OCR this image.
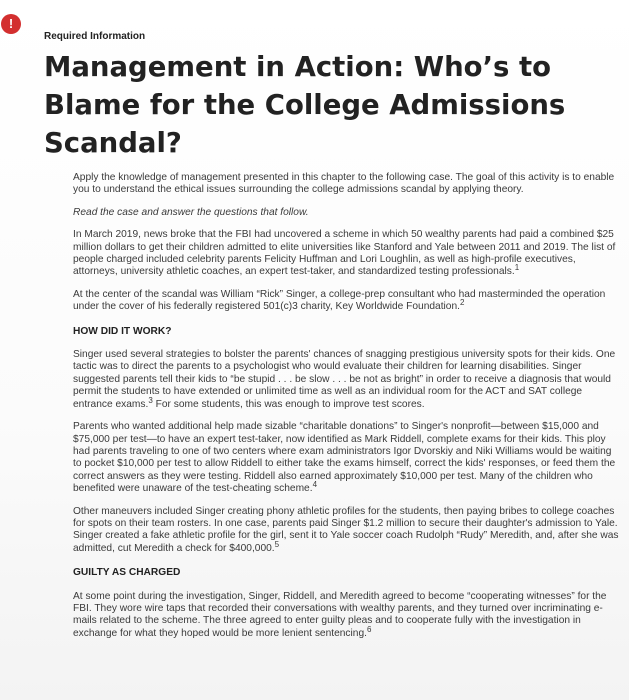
!
Required Information
Management in Action: Who’s to Blame for the College Admissions Scandal?

Apply the knowledge of management presented in this chapter to the following case. The goal of this activity is to enable you to understand the ethical issues surrounding the college admissions scandal by applying theory.

Read the case and answer the questions that follow.

In March 2019, news broke that the FBI had uncovered a scheme in which 50 wealthy parents had paid a combined $25 million dollars to get their children admitted to elite universities like Stanford and Yale between 2011 and 2019. The list of people charged included celebrity parents Felicity Huffman and Lori Loughlin, as well as high-profile executives, attorneys, university athletic coaches, an expert test-taker, and standardized testing professionals.$^1$

At the center of the scandal was William “Rick” Singer, a college-prep consultant who had masterminded the operation under the cover of his federally registered 501(c)3 charity, Key Worldwide Foundation.$^2$

HOW DID IT WORK?

Singer used several strategies to bolster the parents' chances of snagging prestigious university spots for their kids. One tactic was to direct the parents to a psychologist who would evaluate their children for learning disabilities. Singer suggested parents tell their kids to “be stupid . . . be slow . . . be not as bright” in order to receive a diagnosis that would permit the students to have extended or unlimited time as well as an individual room for the ACT and SAT college entrance exams.$^3$ For some students, this was enough to improve test scores.

Parents who wanted additional help made sizable “charitable donations” to Singer's nonprofit—between $15,000 and $75,000 per test—to have an expert test-taker, now identified as Mark Riddell, complete exams for their kids. This ploy had parents traveling to one of two centers where exam administrators Igor Dvorskiy and Niki Williams would be waiting to pocket $10,000 per test to allow Riddell to either take the exams himself, correct the kids' responses, or feed them the correct answers as they were testing. Riddell also earned approximately $10,000 per test. Many of the children who benefited were unaware of the test-cheating scheme.$^4$

Other maneuvers included Singer creating phony athletic profiles for the students, then paying bribes to college coaches for spots on their team rosters. In one case, parents paid Singer $1.2 million to secure their daughter's admission to Yale. Singer created a fake athletic profile for the girl, sent it to Yale soccer coach Rudolph “Rudy” Meredith, and, after she was admitted, cut Meredith a check for $400,000.$^5$

GUILTY AS CHARGED

At some point during the investigation, Singer, Riddell, and Meredith agreed to become “cooperating witnesses” for the FBI. They wore wire taps that recorded their conversations with wealthy parents, and they turned over incriminating e-mails related to the scheme. The three agreed to enter guilty pleas and to cooperate fully with the investigation in exchange for what they hoped would be more lenient sentencing.$^6$
